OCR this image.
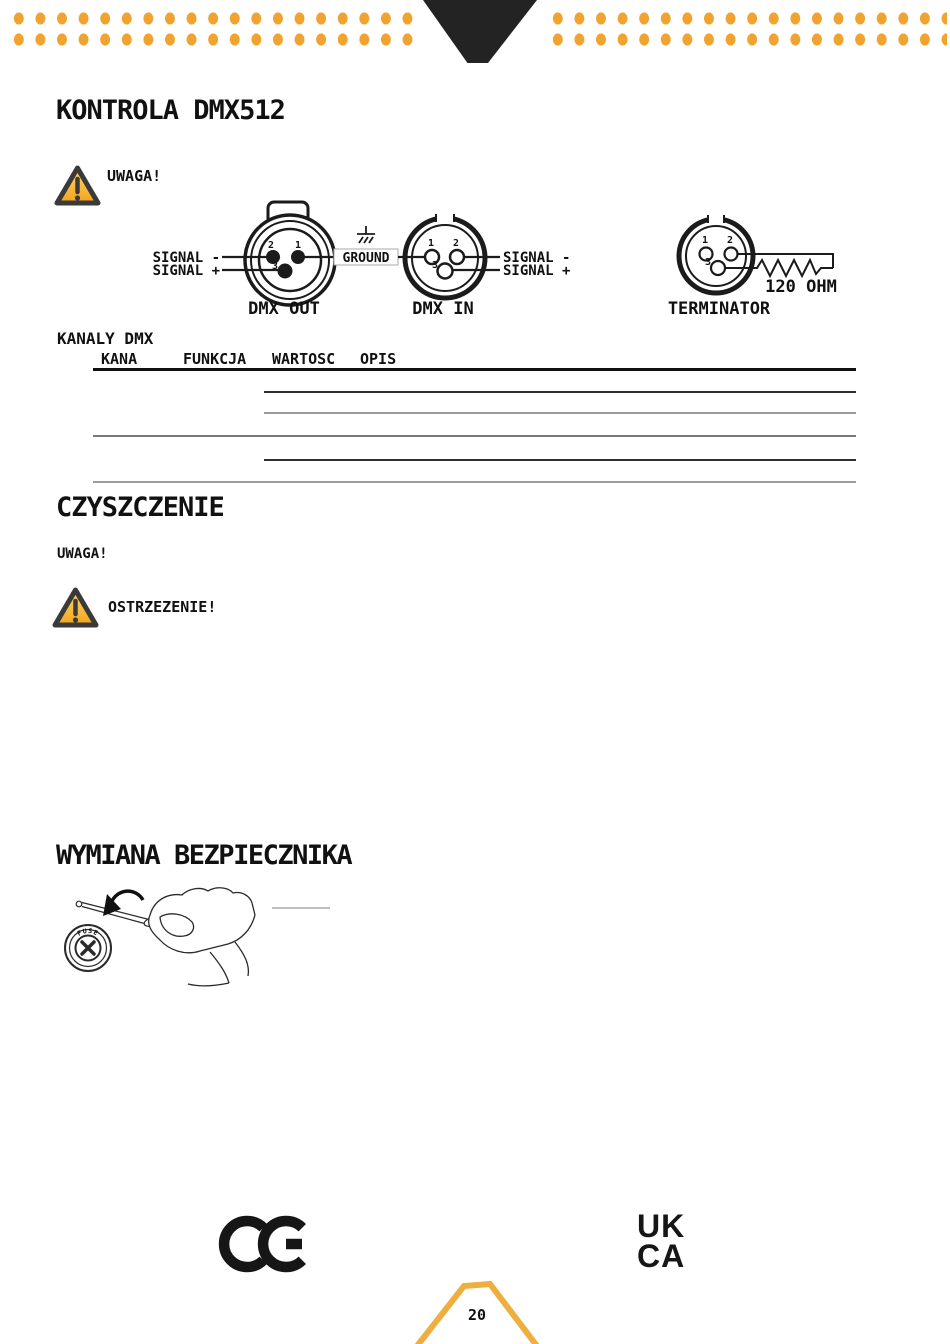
KONTROLA DMX512
UWAGA!
2 1
3
SIGNAL -
SIGNAL +
DMX OUT
GROUND
1 2
3	SIGNAL -
SIGNAL +
DMX IN
1 2
3
120 OHM
TERMINATOR
KANALY DMX
KANA	FUNKCJA WARTOSC OPIS
CZYSZCZENIE
UWAGA!
OSTRZEZENIE!
WYMIANA BEZPIECZNIKA
FUSE
UK
CA
20
